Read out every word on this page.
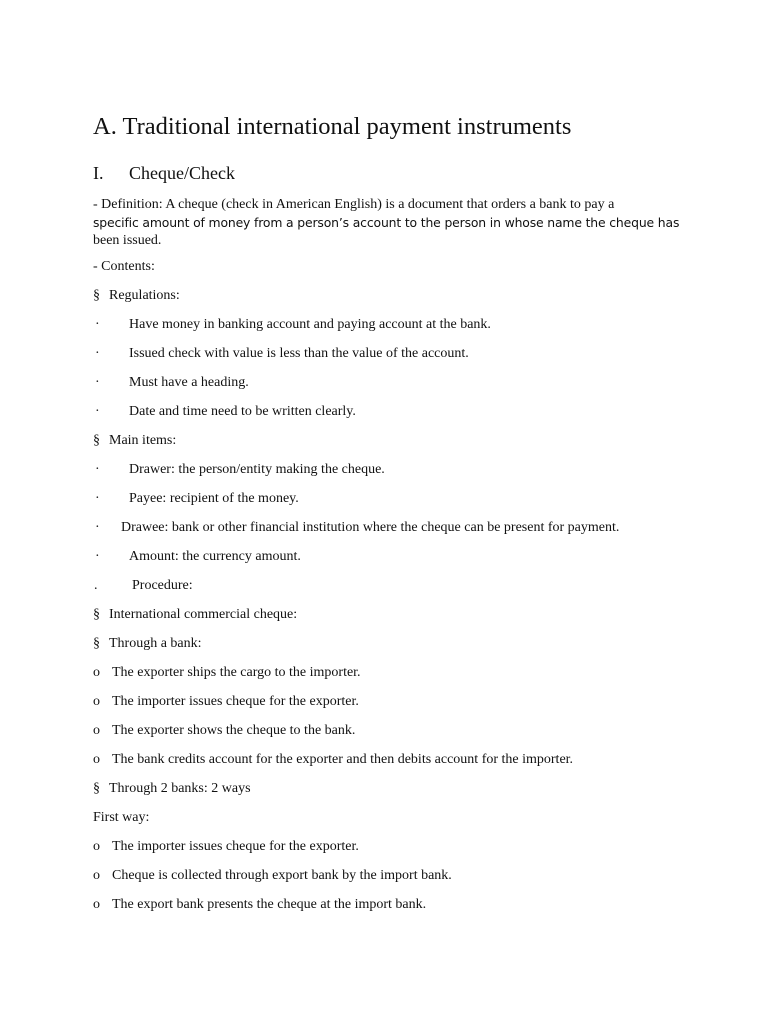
A. Traditional international payment instruments
I. Cheque/Check
- Definition: A cheque (check in American English) is a document that orders a bank to pay a
specific amount of money from a person’s account to the person in whose name the cheque has
been issued.
- Contents:
§ Regulations:
· Have money in banking account and paying account at the bank.
· Issued check with value is less than the value of the account.
· Must have a heading.
· Date and time need to be written clearly.
§ Main items:
· Drawer: the person/entity making the cheque.
· Payee: recipient of the money.
· Drawee: bank or other financial institution where the cheque can be present for payment.
· Amount: the currency amount.
. Procedure:
§ International commercial cheque:
§ Through a bank:
o The exporter ships the cargo to the importer.
o The importer issues cheque for the exporter.
o The exporter shows the cheque to the bank.
o The bank credits account for the exporter and then debits account for the importer.
§ Through 2 banks: 2 ways
First way:
o The importer issues cheque for the exporter.
o Cheque is collected through export bank by the import bank.
o The export bank presents the cheque at the import bank.
